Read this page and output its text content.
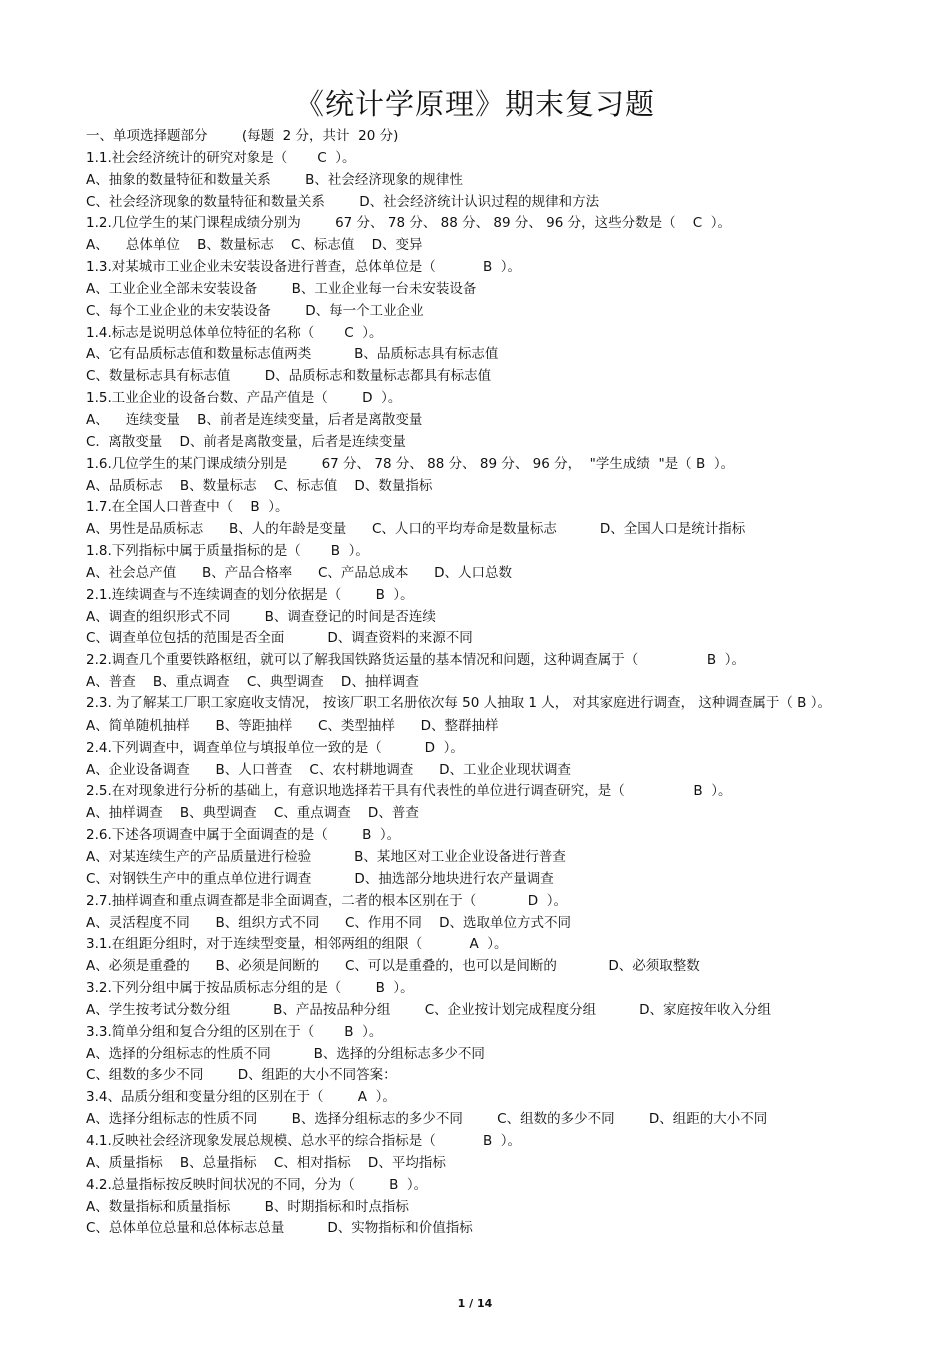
《统计学原理》期末复习题
一、单项选择题部分        (每题  2 分，共计  20 分)
1.1.社会经济统计的研究对象是（       C  ）。
A、抽象的数量特征和数量关系        B、社会经济现象的规律性
C、社会经济现象的数量特征和数量关系        D、社会经济统计认识过程的规律和方法
1.2.几位学生的某门课程成绩分别为        67 分、 78 分、 88 分、 89 分、 96 分，这些分数是（    C  ）。
A、    总体单位    B、数量标志    C、标志值    D、变异
1.3.对某城市工业企业未安装设备进行普查，总体单位是（           B  ）。
A、工业企业全部未安装设备        B、工业企业每一台未安装设备
C、每个工业企业的未安装设备        D、每一个工业企业
1.4.标志是说明总体单位特征的名称（       C  ）。
A、它有品质标志值和数量标志值两类          B、品质标志具有标志值
C、数量标志具有标志值        D、品质标志和数量标志都具有标志值
1.5.工业企业的设备台数、产品产值是（        D  ）。
A、    连续变量    B、前者是连续变量，后者是离散变量
C.  离散变量    D、前者是离散变量，后者是连续变量
1.6.几位学生的某门课成绩分别是        67 分、 78 分、 88 分、 89 分、 96 分，  "学生成绩  "是（ B  ）。
A、品质标志    B、数量标志    C、标志值    D、数量指标
1.7.在全国人口普查中（    B  ）。
A、男性是品质标志      B、人的年龄是变量      C、人口的平均寿命是数量标志          D、全国人口是统计指标
1.8.下列指标中属于质量指标的是（       B  ）。
A、社会总产值      B、产品合格率      C、产品总成本      D、人口总数
2.1.连续调查与不连续调查的划分依据是（        B  ）。
A、调查的组织形式不同        B、调查登记的时间是否连续
C、调查单位包括的范围是否全面          D、调查资料的来源不同
2.2.调查几个重要铁路枢纽，就可以了解我国铁路货运量的基本情况和问题，这种调查属于（                B  ）。
A、普查    B、重点调查    C、典型调查    D、抽样调查
2.3. 为了解某工厂职工家庭收支情况， 按该厂职工名册依次每 50 人抽取 1 人， 对其家庭进行调查， 这种调查属于（ B ）。
A、简单随机抽样      B、等距抽样      C、类型抽样      D、整群抽样
2.4.下列调查中，调查单位与填报单位一致的是（          D  ）。
A、企业设备调查      B、人口普查    C、农村耕地调查      D、工业企业现状调查
2.5.在对现象进行分析的基础上，有意识地选择若干具有代表性的单位进行调查研究，是（                B  ）。
A、抽样调查    B、典型调查    C、重点调查    D、普查
2.6.下述各项调查中属于全面调查的是（        B  ）。
A、对某连续生产的产品质量进行检验          B、某地区对工业企业设备进行普查
C、对钢铁生产中的重点单位进行调查          D、抽选部分地块进行农产量调查
2.7.抽样调查和重点调查都是非全面调查，二者的根本区别在于（            D  ）。
A、灵活程度不同      B、组织方式不同      C、作用不同    D、选取单位方式不同
3.1.在组距分组时，对于连续型变量，相邻两组的组限（           A  ）。
A、必须是重叠的      B、必须是间断的      C、可以是重叠的，也可以是间断的            D、必须取整数
3.2.下列分组中属于按品质标志分组的是（        B  ）。
A、学生按考试分数分组          B、产品按品种分组        C、企业按计划完成程度分组          D、家庭按年收入分组
3.3.简单分组和复合分组的区别在于（       B  ）。
A、选择的分组标志的性质不同          B、选择的分组标志多少不同
C、组数的多少不同        D、组距的大小不同答案：
3.4、品质分组和变量分组的区别在于（        A  ）。
A、选择分组标志的性质不同        B、选择分组标志的多少不同        C、组数的多少不同        D、组距的大小不同
4.1.反映社会经济现象发展总规模、总水平的综合指标是（           B  ）。
A、质量指标    B、总量指标    C、相对指标    D、平均指标
4.2.总量指标按反映时间状况的不同，分为（        B  ）。
A、数量指标和质量指标        B、时期指标和时点指标
C、总体单位总量和总体标志总量          D、实物指标和价值指标
1 / 14
